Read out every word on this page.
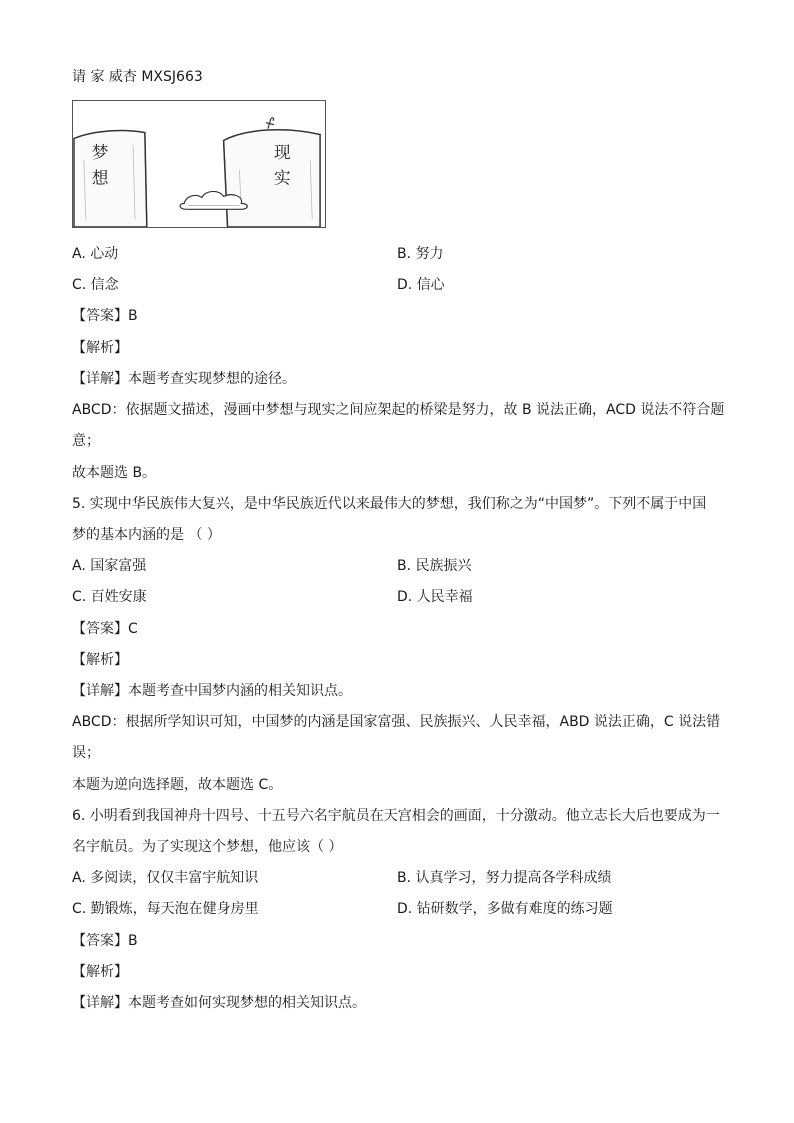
请 家 威杏 MXSJ663
梦
想
现
实
A. 心动	B. 努力
C. 信念	D. 信心
【答案】B
【解析】
【详解】本题考查实现梦想的途径。
ABCD：依据题文描述，漫画中梦想与现实之间应架起的桥梁是努力，故 B 说法正确，ACD 说法不符合题
意；
故本题选 B。
5. 实现中华民族伟大复兴，是中华民族近代以来最伟大的梦想，我们称之为“中国梦”。下列不属于中国
梦的基本内涵的是 （ ）
A. 国家富强	B. 民族振兴
C. 百姓安康	D. 人民幸福
【答案】C
【解析】
【详解】本题考查中国梦内涵的相关知识点。
ABCD：根据所学知识可知，中国梦的内涵是国家富强、民族振兴、人民幸福，ABD 说法正确，C 说法错
误；
本题为逆向选择题，故本题选 C。
6. 小明看到我国神舟十四号、十五号六名宇航员在天宫相会的画面，十分激动。他立志长大后也要成为一
名宇航员。为了实现这个梦想，他应该（ ）
A. 多阅读，仅仅丰富宇航知识	B. 认真学习，努力提高各学科成绩
C. 勤锻炼，每天泡在健身房里	D. 钻研数学，多做有难度的练习题
【答案】B
【解析】
【详解】本题考查如何实现梦想的相关知识点。
